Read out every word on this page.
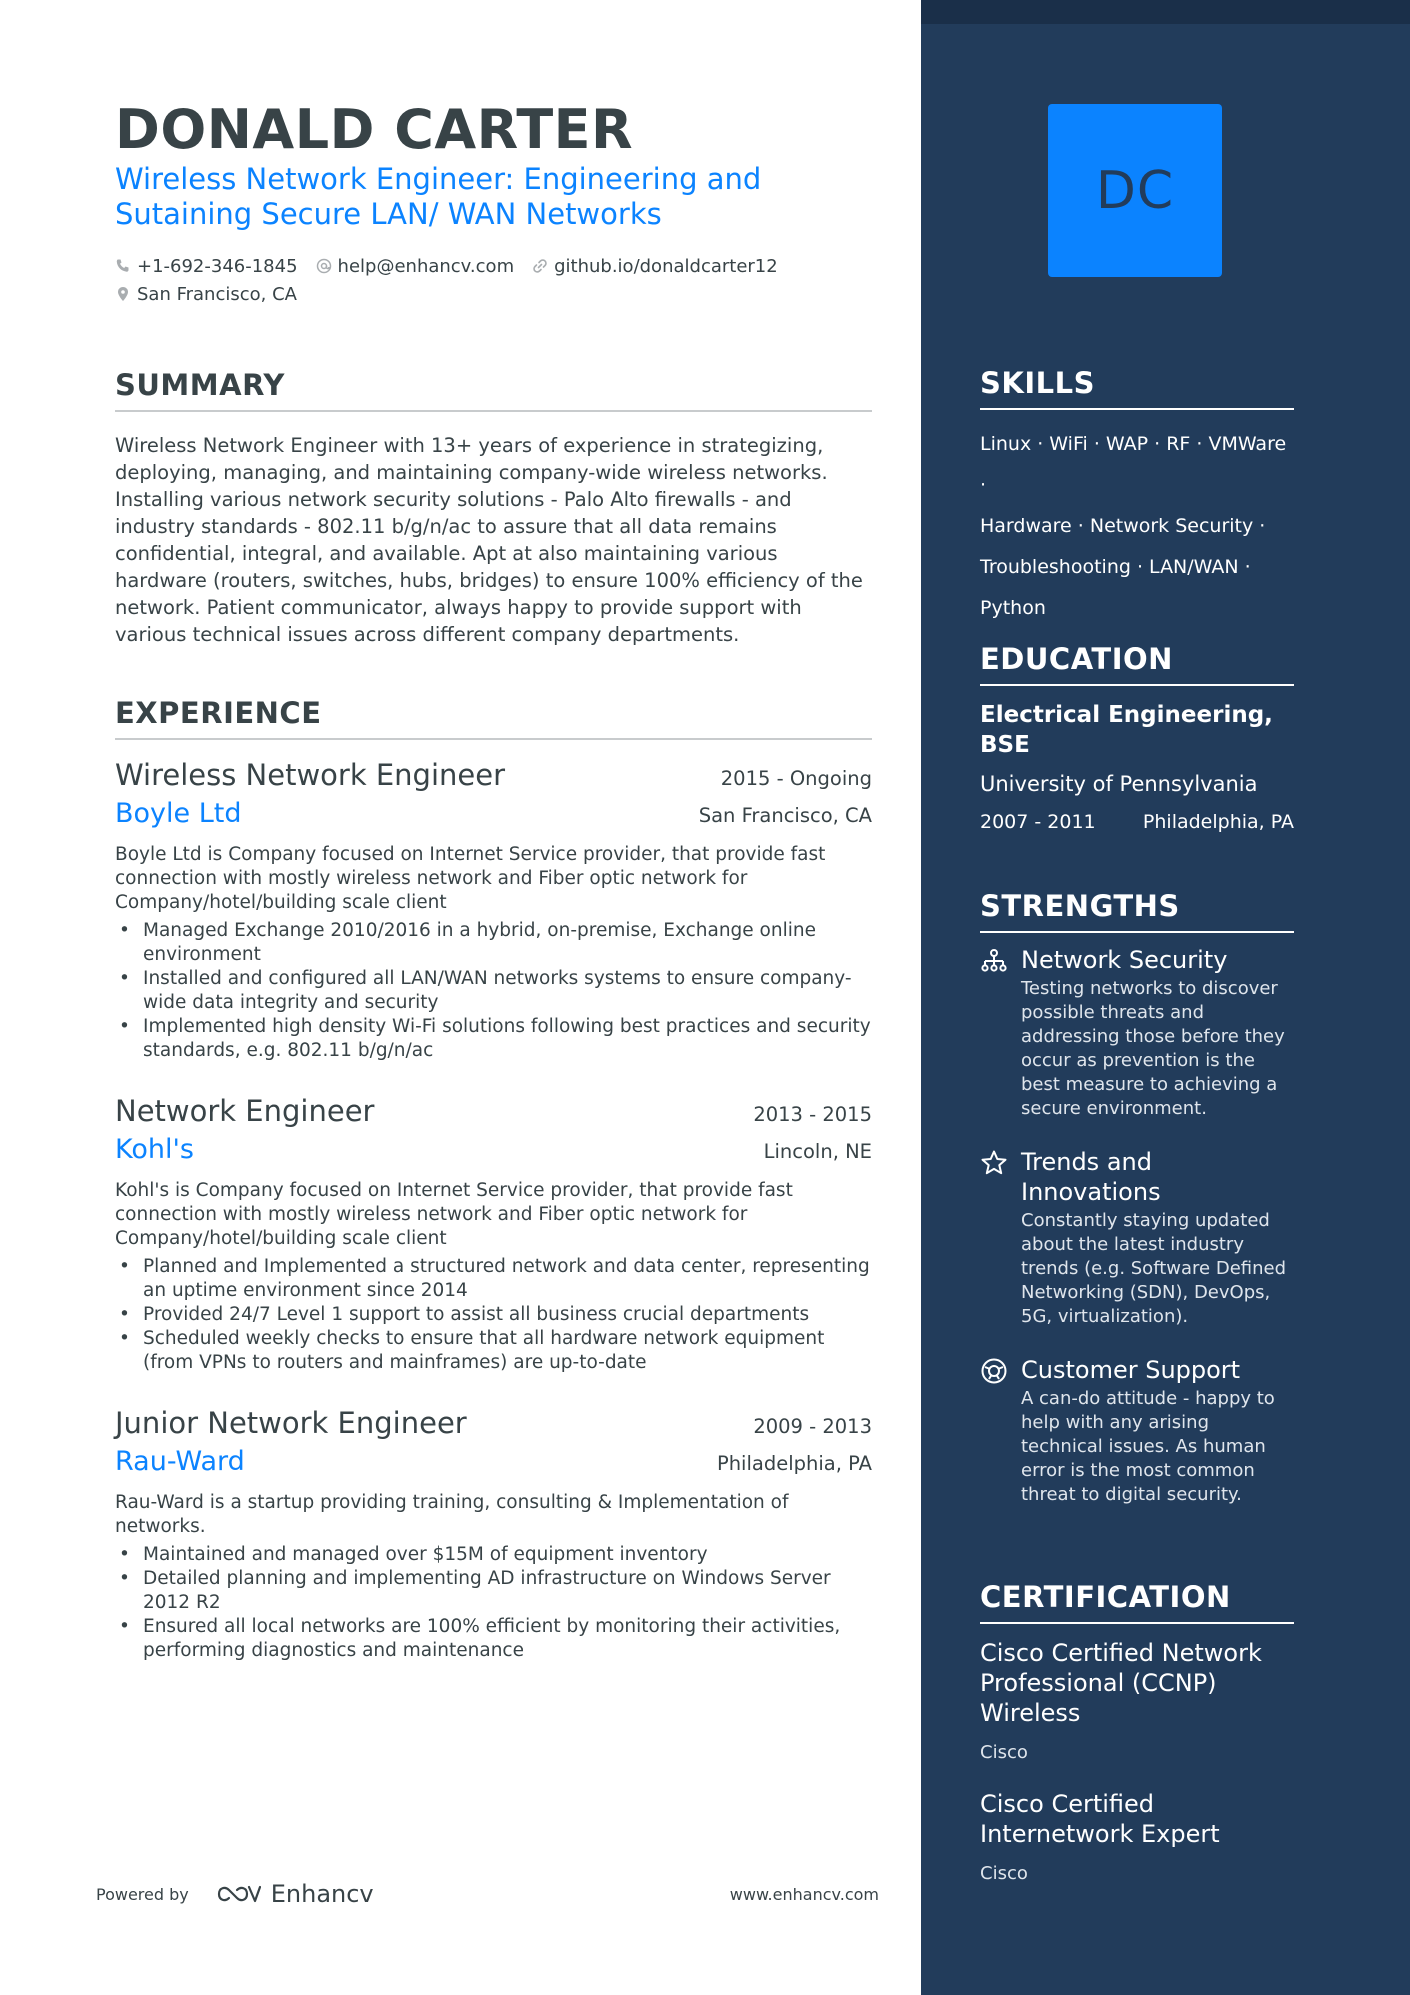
DONALD CARTER
Wireless Network Engineer: Engineering and Sutaining Secure LAN/ WAN Networks
+1-692-346-1845 help@enhancv.com github.io/donaldcarter12
San Francisco, CA
SUMMARY

Wireless Network Engineer with 13+ years of experience in strategizing, deploying, managing, and maintaining company-wide wireless networks. Installing various network security solutions - Palo Alto firewalls - and industry standards - 802.11 b/g/n/ac to assure that all data remains confidential, integral, and available. Apt at also maintaining various hardware (routers, switches, hubs, bridges) to ensure 100% efficiency of the network. Patient communicator, always happy to provide support with various technical issues across different company departments.

EXPERIENCE
Wireless Network Engineer	2015 - Ongoing
Boyle Ltd	San Francisco, CA

Boyle Ltd is Company focused on Internet Service provider, that provide fast connection with mostly wireless network and Fiber optic network for Company/hotel/building scale client

• Managed Exchange 2010/2016 in a hybrid, on-premise, Exchange online environment
• Installed and configured all LAN/WAN networks systems to ensure company-wide data integrity and security
• Implemented high density Wi-Fi solutions following best practices and security standards, e.g. 802.11 b/g/n/ac
Network Engineer	2013 - 2015
Kohl's	Lincoln, NE

Kohl's is Company focused on Internet Service provider, that provide fast connection with mostly wireless network and Fiber optic network for Company/hotel/building scale client

• Planned and Implemented a structured network and data center, representing an uptime environment since 2014
• Provided 24/7 Level 1 support to assist all business crucial departments
• Scheduled weekly checks to ensure that all hardware network equipment (from VPNs to routers and mainframes) are up-to-date
Junior Network Engineer	2009 - 2013
Rau-Ward	Philadelphia, PA

Rau-Ward is a startup providing training, consulting & Implementation of networks.

• Maintained and managed over $15M of equipment inventory
• Detailed planning and implementing AD infrastructure on Windows Server 2012 R2
• Ensured all local networks are 100% efficient by monitoring their activities, performing diagnostics and maintenance
Powered by	Enhancv	www.enhancv.com
DC
SKILLS
Linux · WiFi · WAP · RF · VMWare ·
Hardware · Network Security ·
Troubleshooting · LAN/WAN ·
Python
EDUCATION
Electrical Engineering, BSE
University of Pennsylvania
2007 - 2011 Philadelphia, PA
STRENGTHS
Network Security
Testing networks to discover possible threats and addressing those before they occur as prevention is the best measure to achieving a secure environment.
Trends and Innovations
Constantly staying updated about the latest industry trends (e.g. Software Defined Networking (SDN), DevOps, 5G, virtualization).
Customer Support
A can-do attitude - happy to help with any arising technical issues. As human error is the most common threat to digital security.
CERTIFICATION
Cisco Certified Network Professional (CCNP) Wireless
Cisco
Cisco Certified Internetwork Expert
Cisco
